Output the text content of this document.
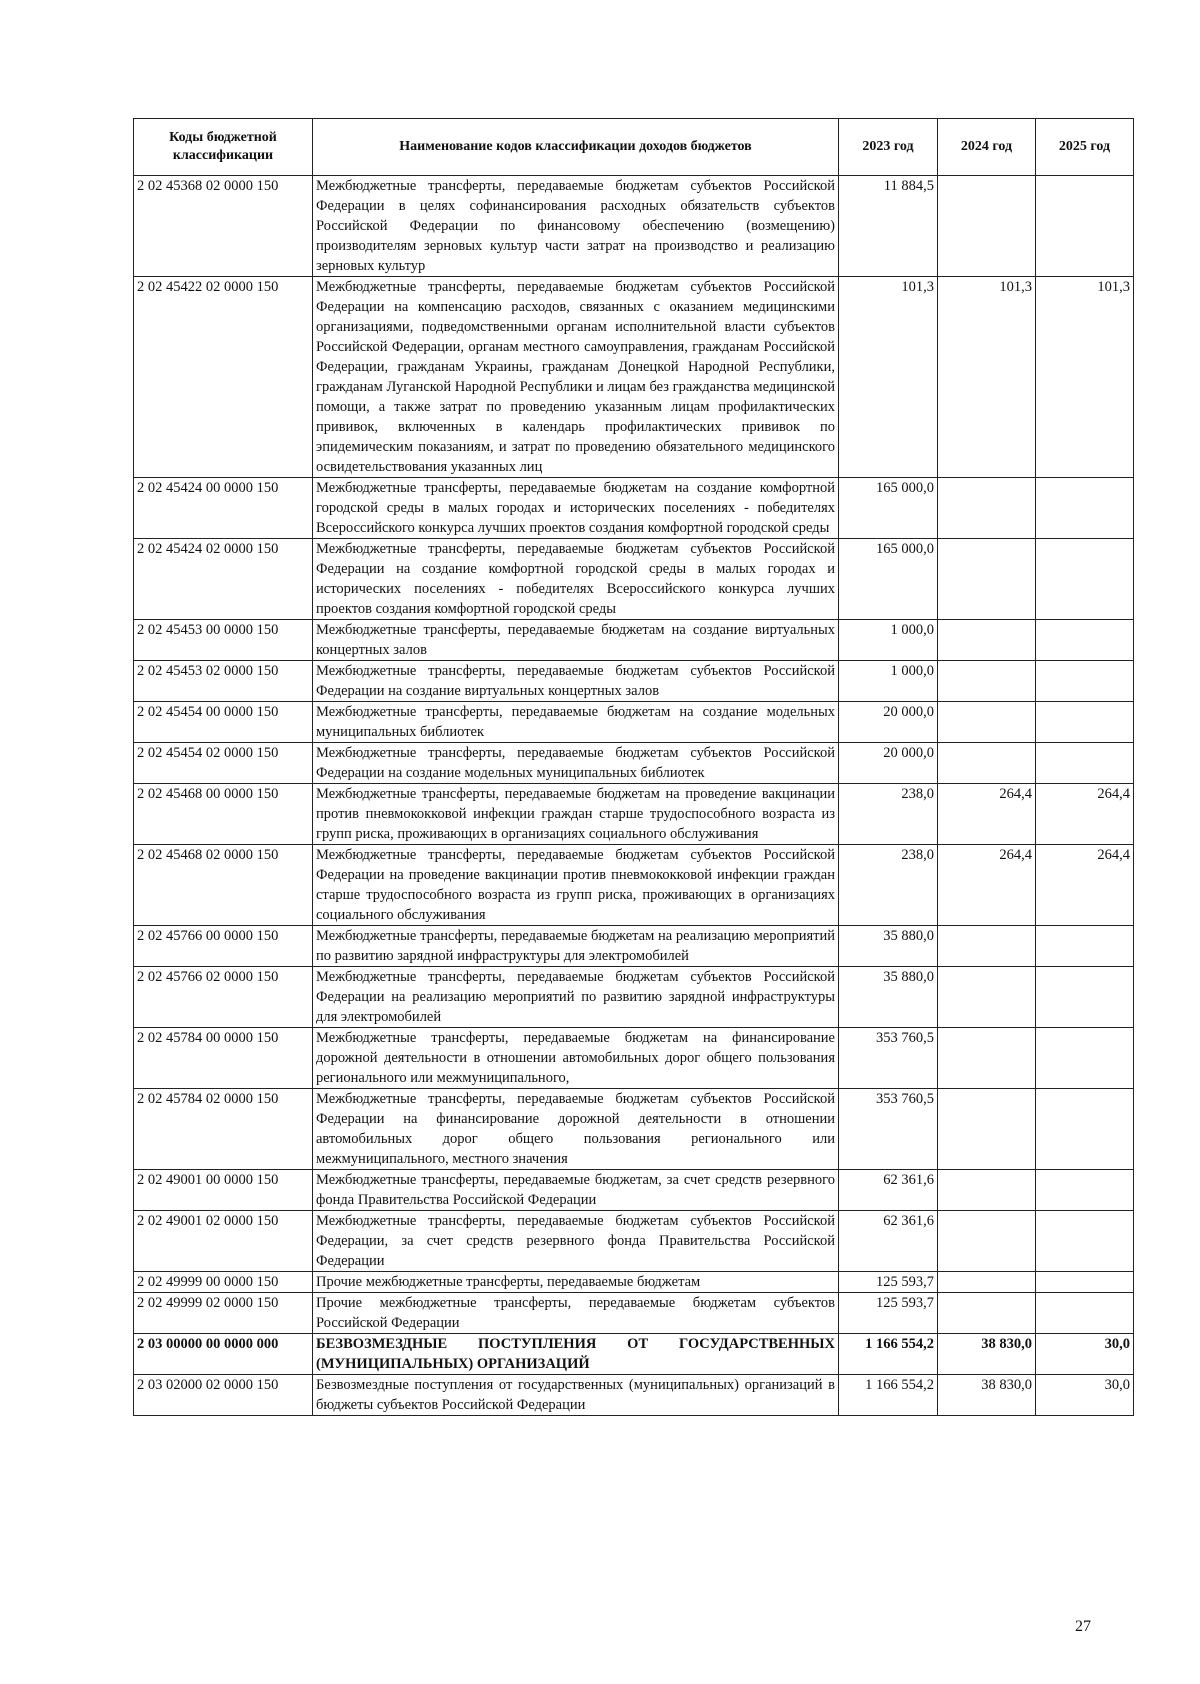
Коды бюджетной классификации	Наименование кодов классификации доходов бюджетов	2023 год	2024 год	2025 год
2 02 45368 02 0000 150	Межбюджетные трансферты, передаваемые бюджетам субъектов Российской Федерации в целях софинансирования расходных обязательств субъектов Российской Федерации по финансовому обеспечению (возмещению) производителям зерновых культур части затрат на производство и реализацию зерновых культур	11 884,5		
2 02 45422 02 0000 150	Межбюджетные трансферты, передаваемые бюджетам субъектов Российской Федерации на компенсацию расходов, связанных с оказанием медицинскими организациями, подведомственными органам исполнительной власти субъектов Российской Федерации, органам местного самоуправления, гражданам Российской Федерации, гражданам Украины, гражданам Донецкой Народной Республики, гражданам Луганской Народной Республики и лицам без гражданства медицинской помощи, а также затрат по проведению указанным лицам профилактических прививок, включенных в календарь профилактических прививок по эпидемическим показаниям, и затрат по проведению обязательного медицинского освидетельствования указанных лиц	101,3	101,3	101,3
2 02 45424 00 0000 150	Межбюджетные трансферты, передаваемые бюджетам на создание комфортной городской среды в малых городах и исторических поселениях - победителях Всероссийского конкурса лучших проектов создания комфортной городской среды	165 000,0		
2 02 45424 02 0000 150	Межбюджетные трансферты, передаваемые бюджетам субъектов Российской Федерации на создание комфортной городской среды в малых городах и исторических поселениях - победителях Всероссийского конкурса лучших проектов создания комфортной городской среды	165 000,0		
2 02 45453 00 0000 150	Межбюджетные трансферты, передаваемые бюджетам на создание виртуальных концертных залов	1 000,0		
2 02 45453 02 0000 150	Межбюджетные трансферты, передаваемые бюджетам субъектов Российской Федерации на создание виртуальных концертных залов	1 000,0		
2 02 45454 00 0000 150	Межбюджетные трансферты, передаваемые бюджетам на создание модельных муниципальных библиотек	20 000,0		
2 02 45454 02 0000 150	Межбюджетные трансферты, передаваемые бюджетам субъектов Российской Федерации на создание модельных муниципальных библиотек	20 000,0		
2 02 45468 00 0000 150	Межбюджетные трансферты, передаваемые бюджетам на проведение вакцинации против пневмококковой инфекции граждан старше трудоспособного возраста из групп риска, проживающих в организациях социального обслуживания	238,0	264,4	264,4
2 02 45468 02 0000 150	Межбюджетные трансферты, передаваемые бюджетам субъектов Российской Федерации на проведение вакцинации против пневмококковой инфекции граждан старше трудоспособного возраста из групп риска, проживающих в организациях социального обслуживания	238,0	264,4	264,4
2 02 45766 00 0000 150	Межбюджетные трансферты, передаваемые бюджетам на реализацию мероприятий по развитию зарядной инфраструктуры для электромобилей	35 880,0		
2 02 45766 02 0000 150	Межбюджетные трансферты, передаваемые бюджетам субъектов Российской Федерации на реализацию мероприятий по развитию зарядной инфраструктуры для электромобилей	35 880,0		
2 02 45784 00 0000 150	Межбюджетные трансферты, передаваемые бюджетам на финансирование дорожной деятельности в отношении автомобильных дорог общего пользования регионального или межмуниципального,	353 760,5		
2 02 45784 02 0000 150	Межбюджетные трансферты, передаваемые бюджетам субъектов Российской Федерации на финансирование дорожной деятельности в отношении автомобильных дорог общего пользования регионального или межмуниципального, местного значения	353 760,5		
2 02 49001 00 0000 150	Межбюджетные трансферты, передаваемые бюджетам, за счет средств резервного фонда Правительства Российской Федерации	62 361,6		
2 02 49001 02 0000 150	Межбюджетные трансферты, передаваемые бюджетам субъектов Российской Федерации, за счет средств резервного фонда Правительства Российской Федерации	62 361,6		
2 02 49999 00 0000 150	Прочие межбюджетные трансферты, передаваемые бюджетам	125 593,7		
2 02 49999 02 0000 150	Прочие межбюджетные трансферты, передаваемые бюджетам субъектов Российской Федерации	125 593,7		
2 03 00000 00 0000 000	БЕЗВОЗМЕЗДНЫЕ ПОСТУПЛЕНИЯ ОТ ГОСУДАРСТВЕННЫХ (МУНИЦИПАЛЬНЫХ) ОРГАНИЗАЦИЙ	1 166 554,2	38 830,0	30,0
2 03 02000 02 0000 150	Безвозмездные поступления от государственных (муниципальных) организаций в бюджеты субъектов Российской Федерации	1 166 554,2	38 830,0	30,0
27
